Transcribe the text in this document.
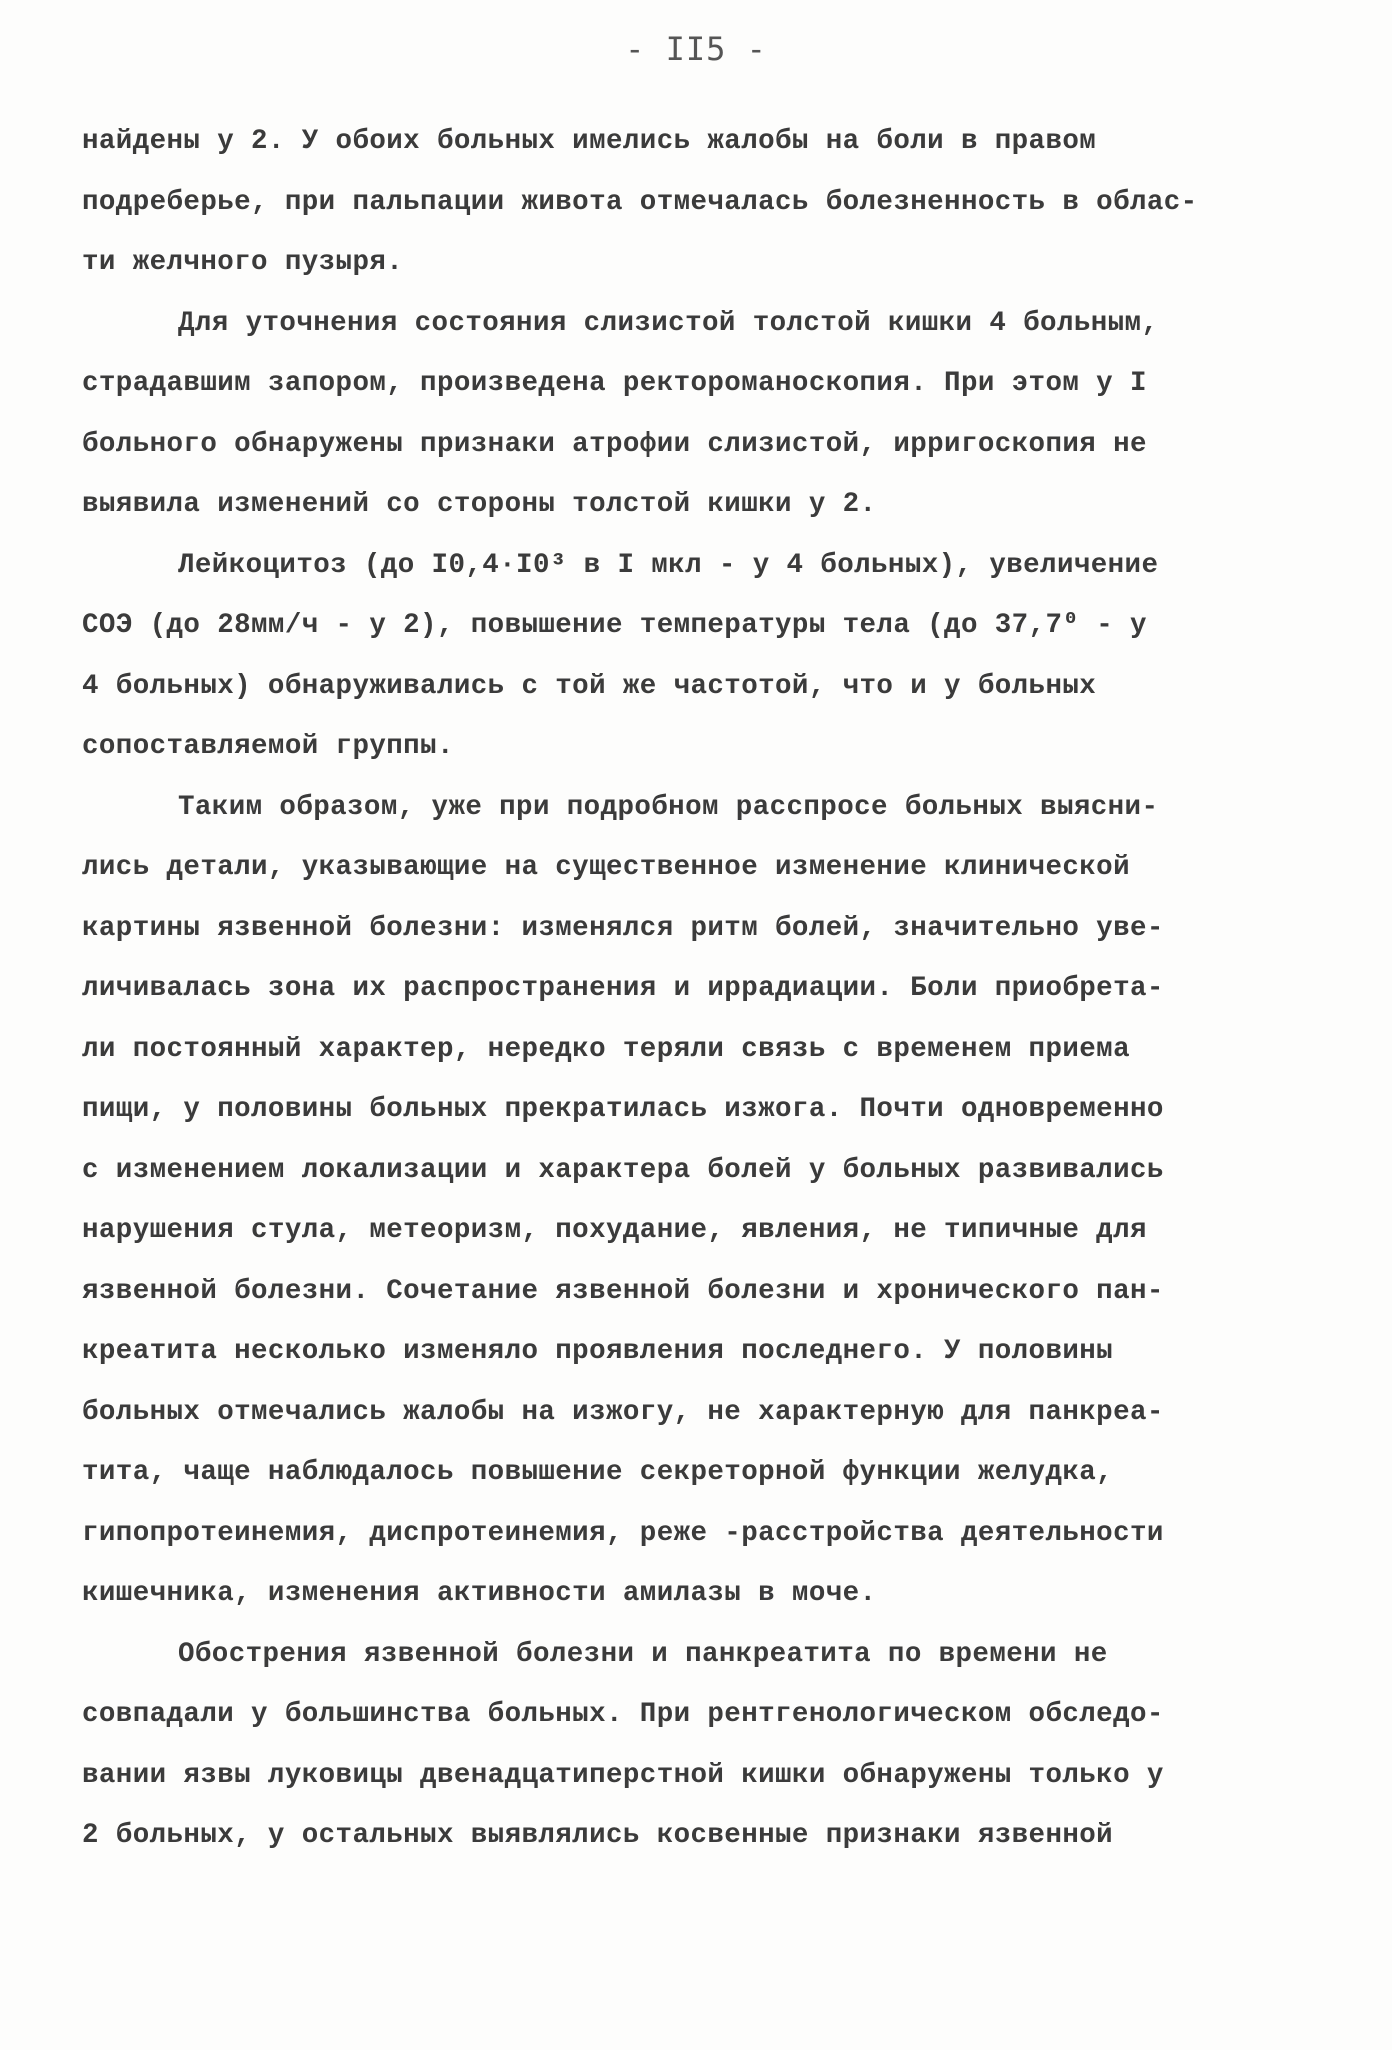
- II5 -
найдены у 2. У обоих больных имелись жалобы на боли в правом
подреберье, при пальпации живота отмечалась болезненность в облас-
ти желчного пузыря.
Для уточнения состояния слизистой толстой кишки 4 больным,
страдавшим запором, произведена ректороманоскопия. При этом у I
больного обнаружены признаки атрофии слизистой, ирригоскопия не
выявила изменений со стороны толстой кишки у 2.
Лейкоцитоз (до I0,4·I0³ в I мкл - у 4 больных), увеличение
СОЭ (до 28мм/ч - у 2), повышение температуры тела (до 37,7⁰ - у
4 больных) обнаруживались с той же частотой, что и у больных
сопоставляемой группы.
Таким образом, уже при подробном расспросе больных выясни-
лись детали, указывающие на существенное изменение клинической
картины язвенной болезни: изменялся ритм болей, значительно уве-
личивалась зона их распространения и иррадиации. Боли приобрета-
ли постоянный характер, нередко теряли связь с временем приема
пищи, у половины больных прекратилась изжога. Почти одновременно
с изменением локализации и характера болей у больных развивались
нарушения стула, метеоризм, похудание, явления, не типичные для
язвенной болезни. Сочетание язвенной болезни и хронического пан-
креатита несколько изменяло проявления последнего. У половины
больных отмечались жалобы на изжогу, не характерную для панкреа-
тита, чаще наблюдалось повышение секреторной функции желудка,
гипопротеинемия, диспротеинемия, реже -расстройства деятельности
кишечника, изменения активности амилазы в моче.
Обострения язвенной болезни и панкреатита по времени не
совпадали у большинства больных. При рентгенологическом обследо-
вании язвы луковицы двенадцатиперстной кишки обнаружены только у
2 больных, у остальных выявлялись косвенные признаки язвенной
